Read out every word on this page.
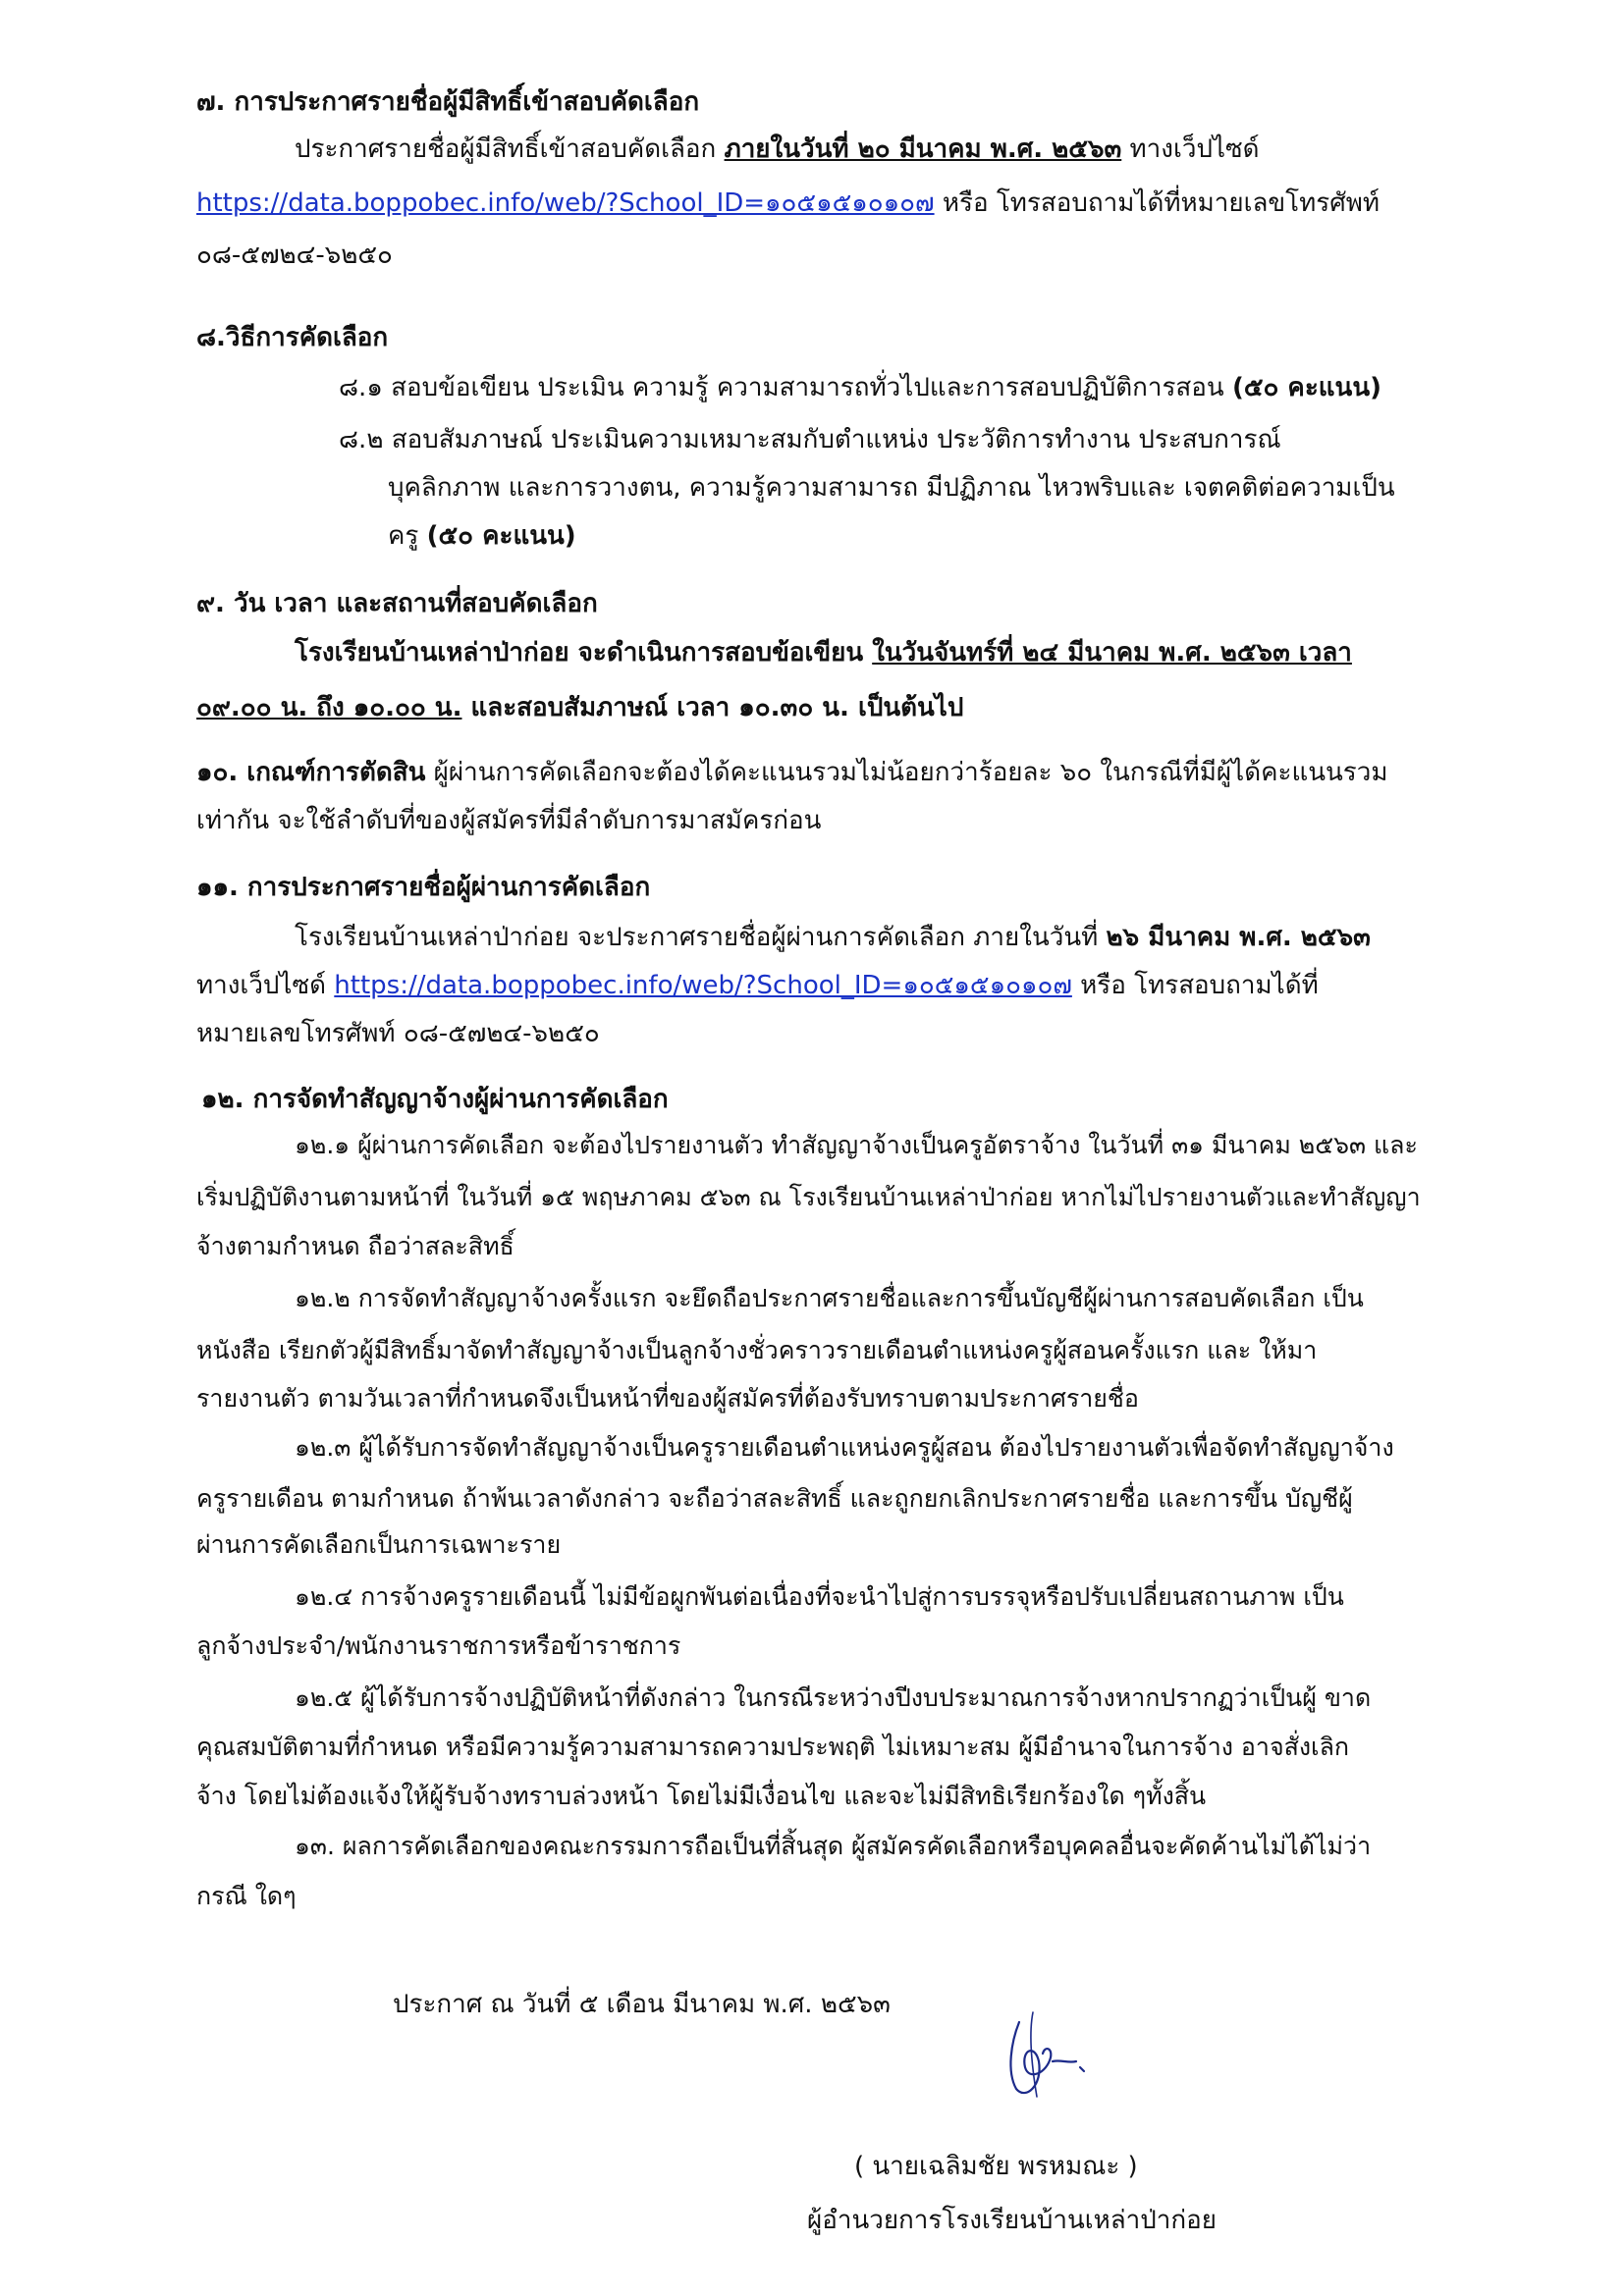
๗. การประกาศรายชื่อผู้มีสิทธิ์เข้าสอบคัดเลือก
ประกาศรายชื่อผู้มีสิทธิ์เข้าสอบคัดเลือก ภายในวันที่ ๒๐ มีนาคม พ.ศ. ๒๕๖๓ ทางเว็ปไซด์
https://data.boppobec.info/web/?School_ID=๑๐๕๑๕๑๐๑๐๗ หรือ โทรสอบถามได้ที่หมายเลขโทรศัพท์
๐๘-๕๗๒๔-๖๒๕๐
๘.วิธีการคัดเลือก
๘.๑ สอบข้อเขียน ประเมิน ความรู้ ความสามารถทั่วไปและการสอบปฏิบัติการสอน (๕๐ คะแนน)
๘.๒ สอบสัมภาษณ์ ประเมินความเหมาะสมกับตำแหน่ง ประวัติการทำงาน ประสบการณ์
บุคลิกภาพ และการวางตน, ความรู้ความสามารถ มีปฏิภาณ ไหวพริบและ เจตคติต่อความเป็น
ครู (๕๐ คะแนน)
๙. วัน เวลา และสถานที่สอบคัดเลือก
โรงเรียนบ้านเหล่าป่าก่อย จะดำเนินการสอบข้อเขียน ในวันจันทร์ที่ ๒๔ มีนาคม พ.ศ. ๒๕๖๓ เวลา
๐๙.๐๐ น. ถึง ๑๐.๐๐ น. และสอบสัมภาษณ์ เวลา ๑๐.๓๐ น. เป็นต้นไป
๑๐. เกณฑ์การตัดสิน ผู้ผ่านการคัดเลือกจะต้องได้คะแนนรวมไม่น้อยกว่าร้อยละ ๖๐ ในกรณีที่มีผู้ได้คะแนนรวม
เท่ากัน จะใช้ลำดับที่ของผู้สมัครที่มีลำดับการมาสมัครก่อน
๑๑. การประกาศรายชื่อผู้ผ่านการคัดเลือก
โรงเรียนบ้านเหล่าป่าก่อย จะประกาศรายชื่อผู้ผ่านการคัดเลือก ภายในวันที่ ๒๖ มีนาคม พ.ศ. ๒๕๖๓
ทางเว็ปไซด์ https://data.boppobec.info/web/?School_ID=๑๐๕๑๕๑๐๑๐๗ หรือ โทรสอบถามได้ที่
หมายเลขโทรศัพท์ ๐๘-๕๗๒๔-๖๒๕๐
๑๒. การจัดทำสัญญาจ้างผู้ผ่านการคัดเลือก
๑๒.๑ ผู้ผ่านการคัดเลือก จะต้องไปรายงานตัว ทำสัญญาจ้างเป็นครูอัตราจ้าง ในวันที่ ๓๑ มีนาคม ๒๕๖๓ และ
เริ่มปฏิบัติงานตามหน้าที่ ในวันที่ ๑๕ พฤษภาคม ๕๖๓ ณ โรงเรียนบ้านเหล่าป่าก่อย หากไม่ไปรายงานตัวและทำสัญญา
จ้างตามกำหนด ถือว่าสละสิทธิ์
๑๒.๒ การจัดทำสัญญาจ้างครั้งแรก จะยึดถือประกาศรายชื่อและการขึ้นบัญชีผู้ผ่านการสอบคัดเลือก เป็น
หนังสือ เรียกตัวผู้มีสิทธิ์มาจัดทำสัญญาจ้างเป็นลูกจ้างชั่วคราวรายเดือนตำแหน่งครูผู้สอนครั้งแรก และ ให้มา
รายงานตัว ตามวันเวลาที่กำหนดจึงเป็นหน้าที่ของผู้สมัครที่ต้องรับทราบตามประกาศรายชื่อ
๑๒.๓ ผู้ได้รับการจัดทำสัญญาจ้างเป็นครูรายเดือนตำแหน่งครูผู้สอน ต้องไปรายงานตัวเพื่อจัดทำสัญญาจ้าง
ครูรายเดือน ตามกำหนด ถ้าพ้นเวลาดังกล่าว จะถือว่าสละสิทธิ์ และถูกยกเลิกประกาศรายชื่อ และการขึ้น บัญชีผู้
ผ่านการคัดเลือกเป็นการเฉพาะราย
๑๒.๔ การจ้างครูรายเดือนนี้ ไม่มีข้อผูกพันต่อเนื่องที่จะนำไปสู่การบรรจุหรือปรับเปลี่ยนสถานภาพ เป็น
ลูกจ้างประจำ/พนักงานราชการหรือข้าราชการ
๑๒.๕ ผู้ได้รับการจ้างปฏิบัติหน้าที่ดังกล่าว ในกรณีระหว่างปีงบประมาณการจ้างหากปรากฏว่าเป็นผู้ ขาด
คุณสมบัติตามที่กำหนด หรือมีความรู้ความสามารถความประพฤติ ไม่เหมาะสม ผู้มีอำนาจในการจ้าง อาจสั่งเลิก
จ้าง โดยไม่ต้องแจ้งให้ผู้รับจ้างทราบล่วงหน้า โดยไม่มีเงื่อนไข และจะไม่มีสิทธิเรียกร้องใด ๆทั้งสิ้น
๑๓. ผลการคัดเลือกของคณะกรรมการถือเป็นที่สิ้นสุด ผู้สมัครคัดเลือกหรือบุคคลอื่นจะคัดค้านไม่ได้ไม่ว่า
กรณี ใดๆ
ประกาศ ณ วันที่ ๕ เดือน มีนาคม พ.ศ. ๒๕๖๓
( นายเฉลิมชัย พรหมณะ )
ผู้อำนวยการโรงเรียนบ้านเหล่าป่าก่อย
